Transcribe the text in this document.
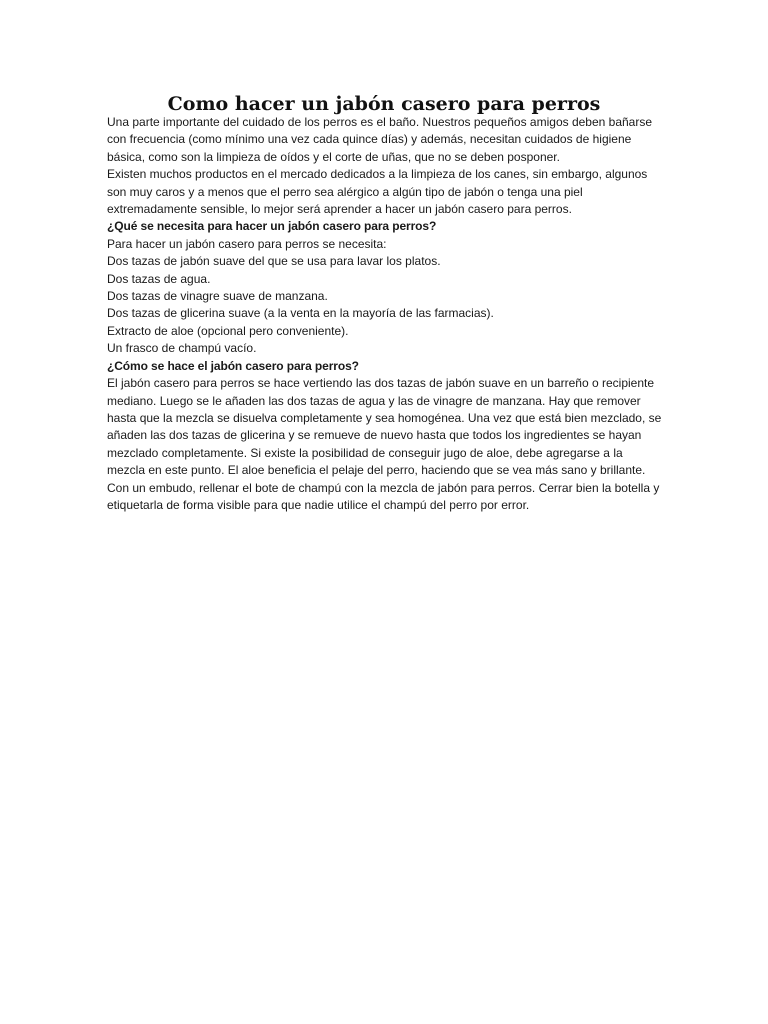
Como hacer un jabón casero para perros

Una parte importante del cuidado de los perros es el baño. Nuestros pequeños amigos deben bañarse con frecuencia (como mínimo una vez cada quince días) y además, necesitan cuidados de higiene básica, como son la limpieza de oídos y el corte de uñas, que no se deben posponer.

Existen muchos productos en el mercado dedicados a la limpieza de los canes, sin embargo, algunos son muy caros y a menos que el perro sea alérgico a algún tipo de jabón o tenga una piel extremadamente sensible, lo mejor será aprender a hacer un jabón casero para perros.

¿Qué se necesita para hacer un jabón casero para perros?

Para hacer un jabón casero para perros se necesita:

Dos tazas de jabón suave del que se usa para lavar los platos.

Dos tazas de agua.

Dos tazas de vinagre suave de manzana.

Dos tazas de glicerina suave (a la venta en la mayoría de las farmacias).

Extracto de aloe (opcional pero conveniente).

Un frasco de champú vacío.

¿Cómo se hace el jabón casero para perros?

El jabón casero para perros se hace vertiendo las dos tazas de jabón suave en un barreño o recipiente mediano. Luego se le añaden las dos tazas de agua y las de vinagre de manzana. Hay que remover hasta que la mezcla se disuelva completamente y sea homogénea. Una vez que está bien mezclado, se añaden las dos tazas de glicerina y se remueve de nuevo hasta que todos los ingredientes se hayan mezclado completamente. Si existe la posibilidad de conseguir jugo de aloe, debe agregarse a la mezcla en este punto. El aloe beneficia el pelaje del perro, haciendo que se vea más sano y brillante.

Con un embudo, rellenar el bote de champú con la mezcla de jabón para perros. Cerrar bien la botella y etiquetarla de forma visible para que nadie utilice el champú del perro por error.
